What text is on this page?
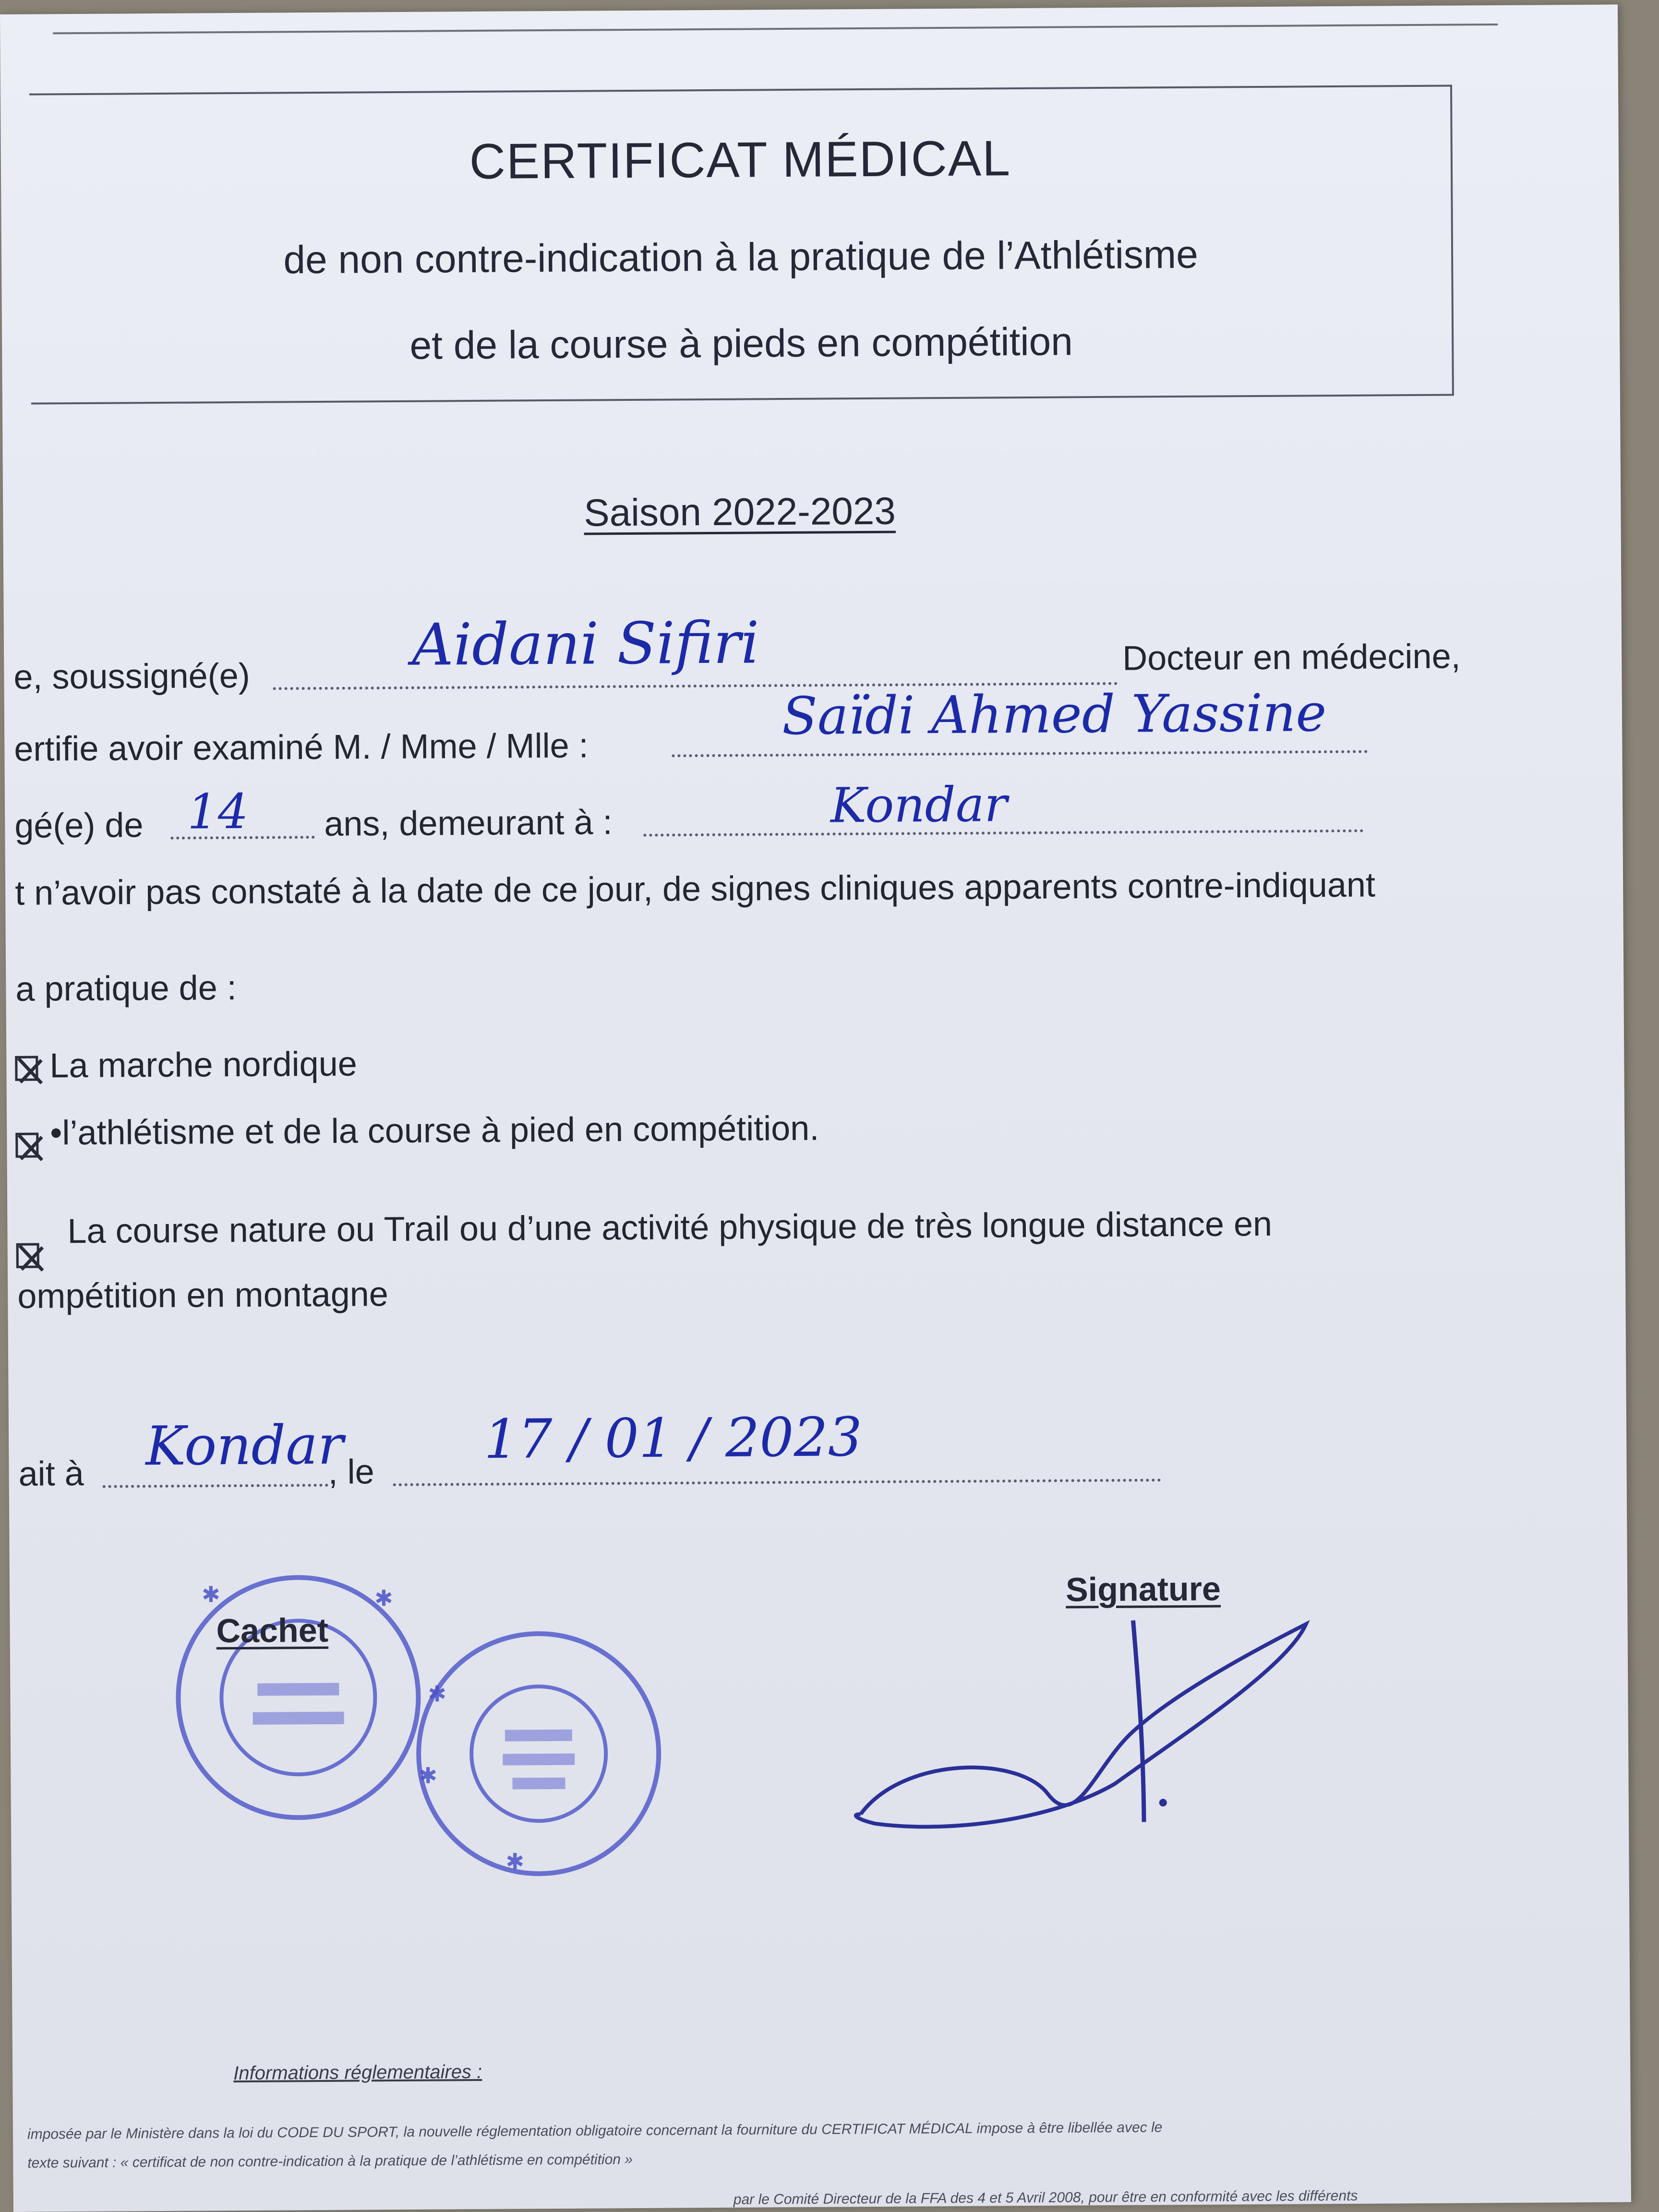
CERTIFICAT MÉDICAL
de non contre-indication à la pratique de l’Athlétisme
et de la course à pieds en compétition
Saison 2022-2023
e, soussigné(e)	Aidani Sifiri	Docteur en médecine,
ertifie avoir examiné M. / Mme / Mlle :
Saïdi Ahmed Yassine
gé(e) de 14 ans, demeurant à :	Kondar
t n’avoir pas constaté à la date de ce jour, de signes cliniques apparents contre-indiquant
a pratique de :
La marche nordique
•l’athlétisme et de la course à pied en compétition.
La course nature ou Trail ou d’une activité physique de très longue distance en
ompétition en montagne
ait à Kondar
, le
17 / 01 / 2023
✱	✱
✱
✱
✱
Cachet
Signature
Informations réglementaires :
imposée par le Ministère dans la loi du CODE DU SPORT, la nouvelle réglementation obligatoire concernant la fourniture du CERTIFICAT MÉDICAL impose à être libellée avec le
texte suivant : « certificat de non contre-indication à la pratique de l’athlétisme en compétition »
par le Comité Directeur de la FFA des 4 et 5 Avril 2008, pour être en conformité avec les différents
